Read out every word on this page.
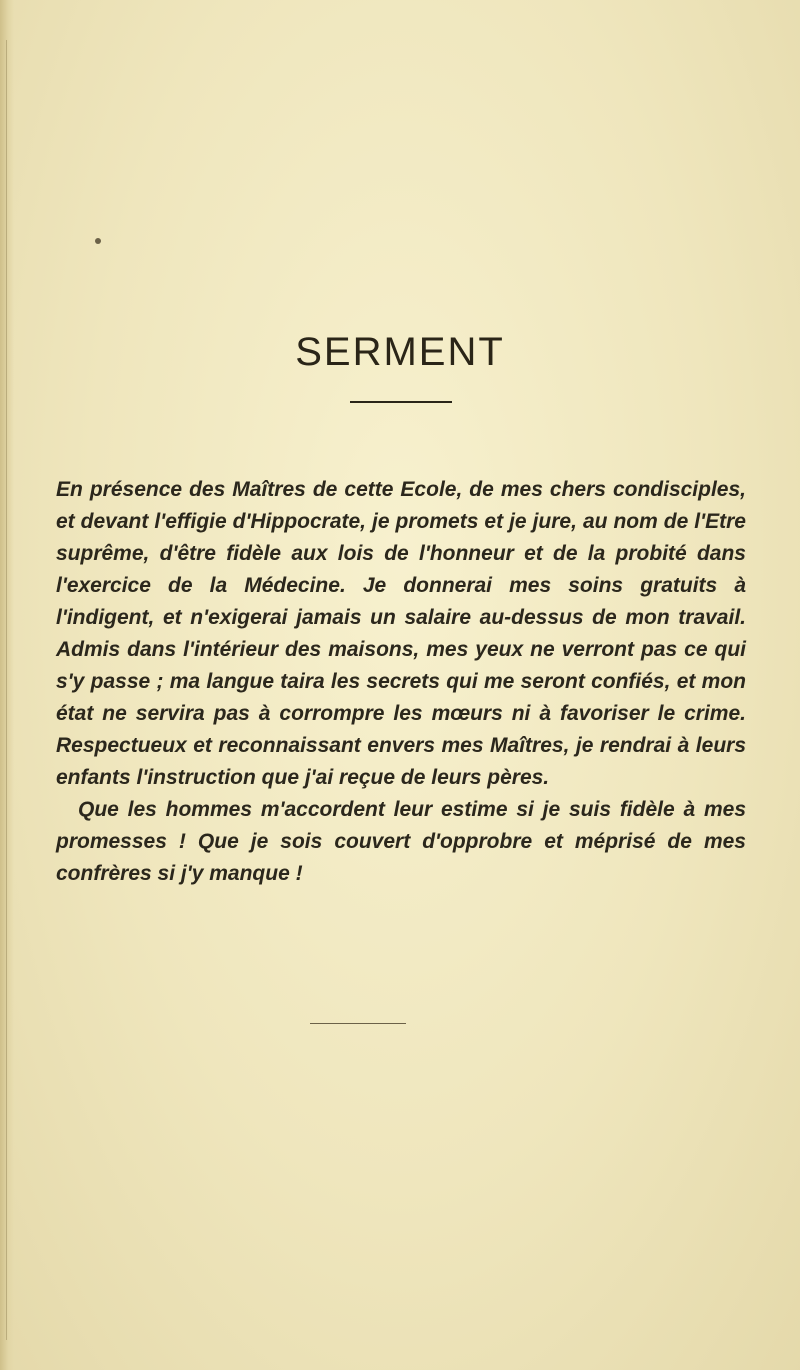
SERMENT

En présence des Maîtres de cette Ecole, de mes chers condisciples, et devant l'effigie d'Hippocrate, je promets et je jure, au nom de l'Etre suprême, d'être fidèle aux lois de l'honneur et de la probité dans l'exercice de la Médecine. Je donnerai mes soins gratuits à l'indigent, et n'exigerai jamais un salaire au-dessus de mon travail. Admis dans l'intérieur des maisons, mes yeux ne verront pas ce qui s'y passe ; ma langue taira les secrets qui me seront confiés, et mon état ne servira pas à corrompre les mœurs ni à favoriser le crime. Respectueux et reconnaissant envers mes Maîtres, je rendrai à leurs enfants l'instruction que j'ai reçue de leurs pères.

Que les hommes m'accordent leur estime si je suis fidèle à mes promesses ! Que je sois couvert d'opprobre et méprisé de mes confrères si j'y manque !
